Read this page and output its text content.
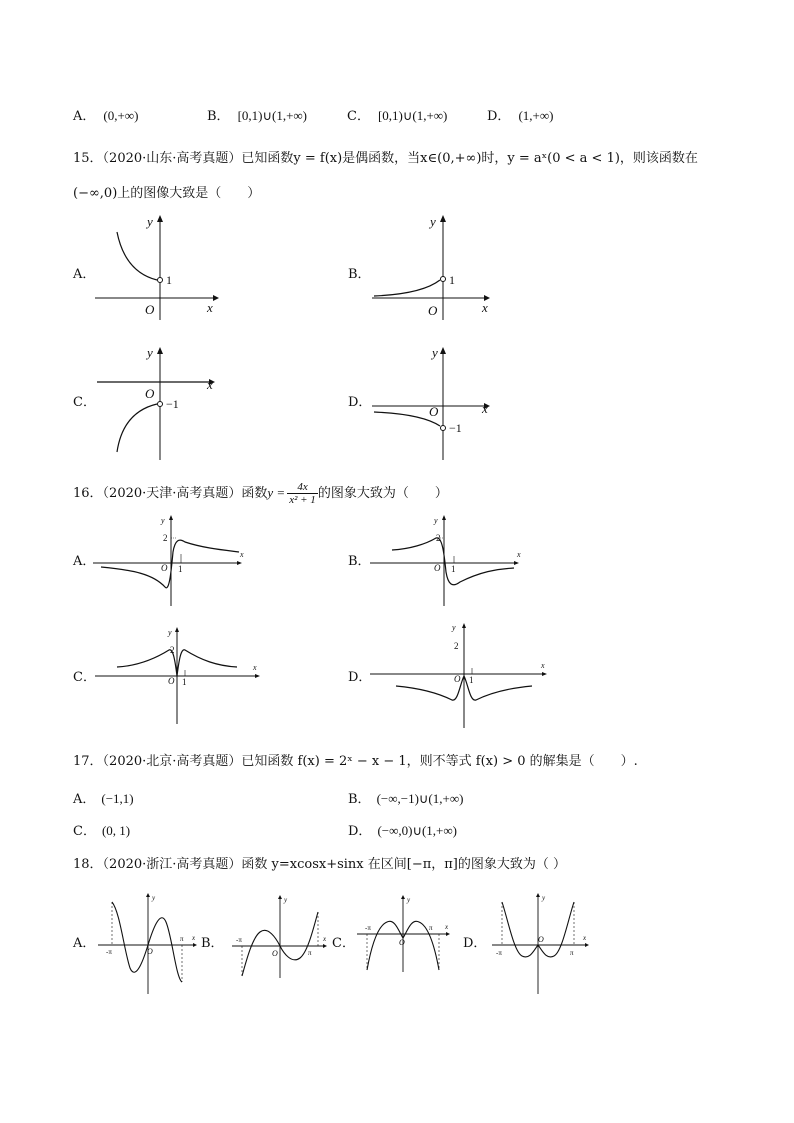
A． (0,+∞)	B． [0,1)∪(1,+∞)	C． [0,1)∪(1,+∞)	D． (1,+∞)
15．（2020·山东·高考真题）已知函数y = f(x)是偶函数，当x∈(0,+∞)时，y = aˣ(0 < a < 1)，则该函数在
(−∞,0)上的图像大致是（　　）
A．
y
x
O
1	B．
y
x
O
1
C．
y
x
O
−1	D．
y
x
O
−1
16．（2020·天津·高考真题）函数$y = \frac{4x}{\text{x² + 1}}$ 的图象大致为（　　）
A．
y
x
2
O 1	B．
y
x
2
O 1
C．
y
x
2
O 1	D．
y
x
2
O 1
17．（2020·北京·高考真题）已知函数 f(x) = 2ˣ − x − 1，则不等式 f(x) > 0 的解集是（　　）.
A． (−1,1)	B． (−∞,−1)∪(1,+∞)
C． (0, 1)	D． (−∞,0)∪(1,+∞)
18．（2020·浙江·高考真题）函数 y=xcosx+sinx 在区间[−π，π]的图象大致为（ ）
A．
y
x
O
π
-π
B．
y
x
O	π
-π	C．
y
x
O
π
-π
D．
y
x
O
π
-π
